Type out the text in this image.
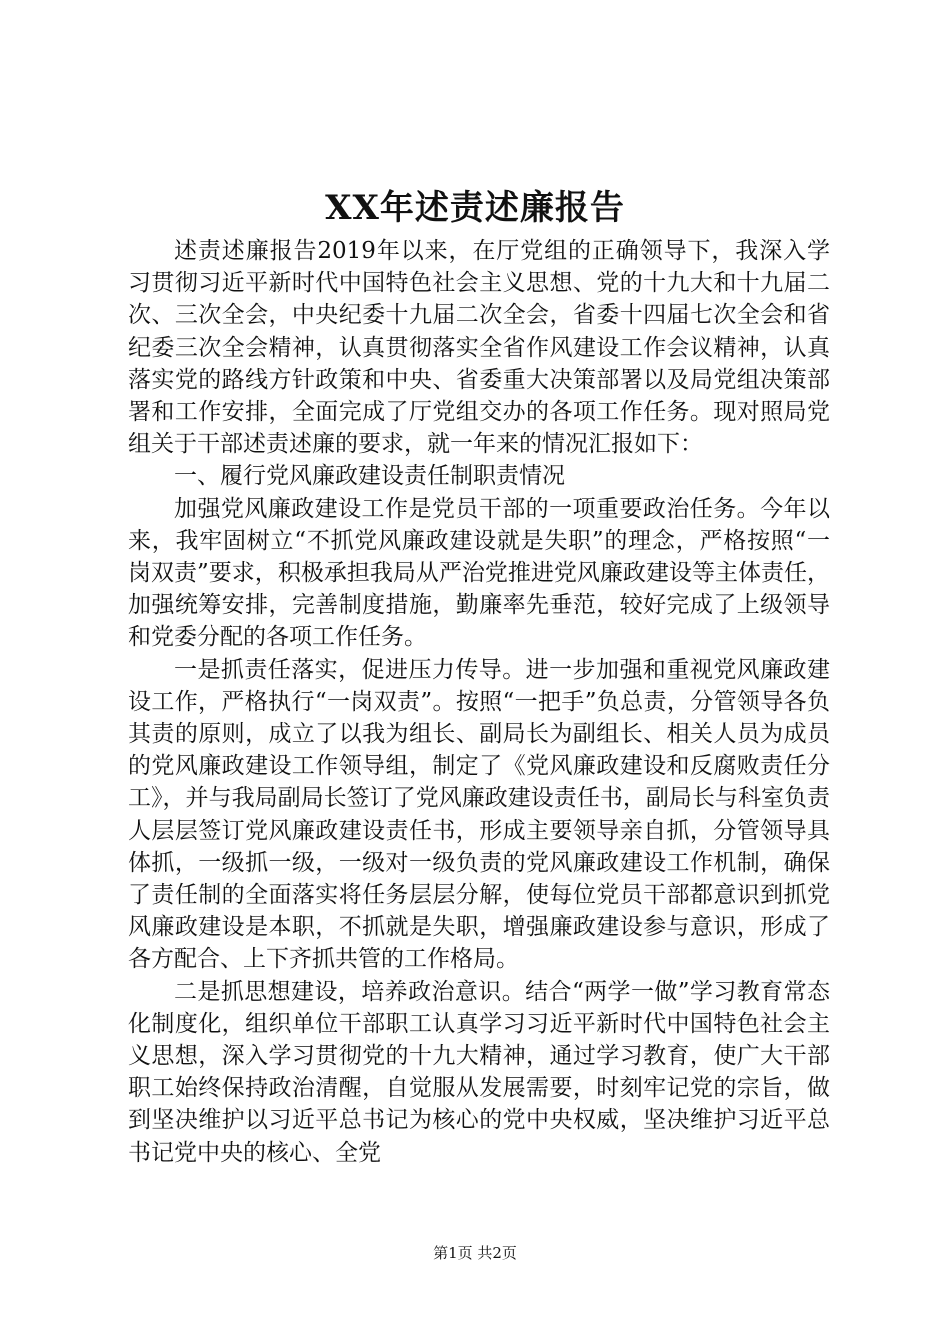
XX年述责述廉报告

述责述廉报告2019年以来，在厅党组的正确领导下，我深入学习贯彻习近平新时代中国特色社会主义思想、党的十九大和十九届二次、三次全会，中央纪委十九届二次全会，省委十四届七次全会和省纪委三次全会精神，认真贯彻落实全省作风建设工作会议精神，认真落实党的路线方针政策和中央、省委重大决策部署以及局党组决策部署和工作安排，全面完成了厅党组交办的各项工作任务。现对照局党组关于干部述责述廉的要求，就一年来的情况汇报如下：

一、履行党风廉政建设责任制职责情况

加强党风廉政建设工作是党员干部的一项重要政治任务。今年以来，我牢固树立“不抓党风廉政建设就是失职”的理念，严格按照“一岗双责”要求，积极承担我局从严治党推进党风廉政建设等主体责任，加强统筹安排，完善制度措施，勤廉率先垂范，较好完成了上级领导和党委分配的各项工作任务。

一是抓责任落实，促进压力传导。进一步加强和重视党风廉政建设工作，严格执行“一岗双责”。按照“一把手”负总责，分管领导各负其责的原则，成立了以我为组长、副局长为副组长、相关人员为成员的党风廉政建设工作领导组，制定了《党风廉政建设和反腐败责任分工》，并与我局副局长签订了党风廉政建设责任书，副局长与科室负责人层层签订党风廉政建设责任书，形成主要领导亲自抓，分管领导具体抓，一级抓一级，一级对一级负责的党风廉政建设工作机制，确保了责任制的全面落实将任务层层分解，使每位党员干部都意识到抓党风廉政建设是本职，不抓就是失职，增强廉政建设参与意识，形成了各方配合、上下齐抓共管的工作格局。

二是抓思想建设，培养政治意识。结合“两学一做”学习教育常态化制度化，组织单位干部职工认真学习习近平新时代中国特色社会主义思想，深入学习贯彻党的十九大精神，通过学习教育，使广大干部职工始终保持政治清醒，自觉服从发展需要，时刻牢记党的宗旨，做到坚决维护以习近平总书记为核心的党中央权威，坚决维护习近平总书记党中央的核心、全党

第1页 共2页
